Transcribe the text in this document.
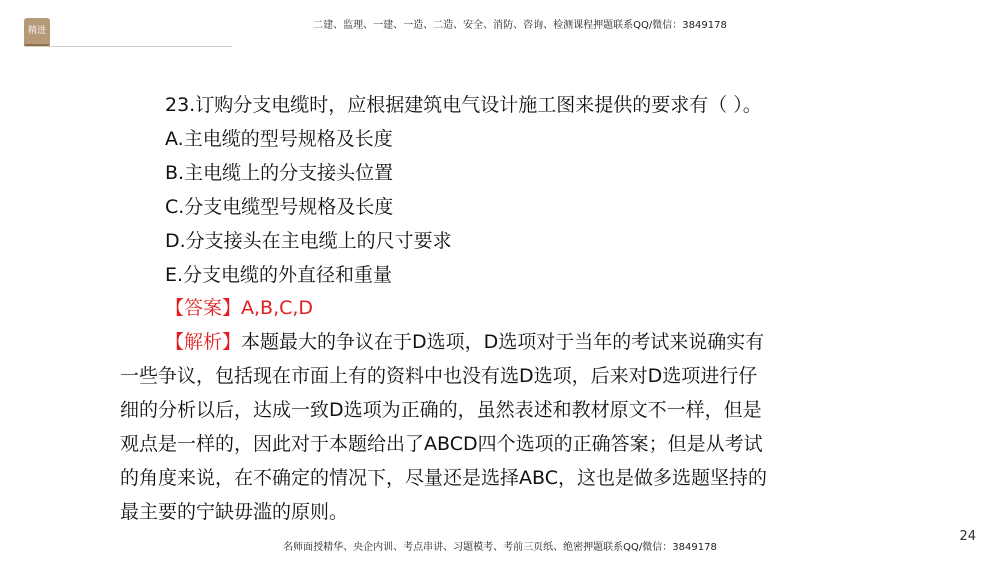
精进	二建、监理、一建、一造、二造、安全、消防、咨询、检测课程押题联系QQ/微信：3849178
23.订购分支电缆时，应根据建筑电气设计施工图来提供的要求有（ ）。
A.主电缆的型号规格及长度
B.主电缆上的分支接头位置
C.分支电缆型号规格及长度
D.分支接头在主电缆上的尺寸要求
E.分支电缆的外直径和重量
【答案】A,B,C,D
【解析】本题最大的争议在于D选项，D选项对于当年的考试来说确实有
一些争议，包括现在市面上有的资料中也没有选D选项，后来对D选项进行仔
细的分析以后，达成一致D选项为正确的，虽然表述和教材原文不一样，但是
观点是一样的，因此对于本题给出了ABCD四个选项的正确答案；但是从考试
的角度来说，在不确定的情况下，尽量还是选择ABC，这也是做多选题坚持的
最主要的宁缺毋滥的原则。
名师面授精华、央企内训、考点串讲、习题模考、考前三页纸、绝密押题联系QQ/微信：3849178
24
